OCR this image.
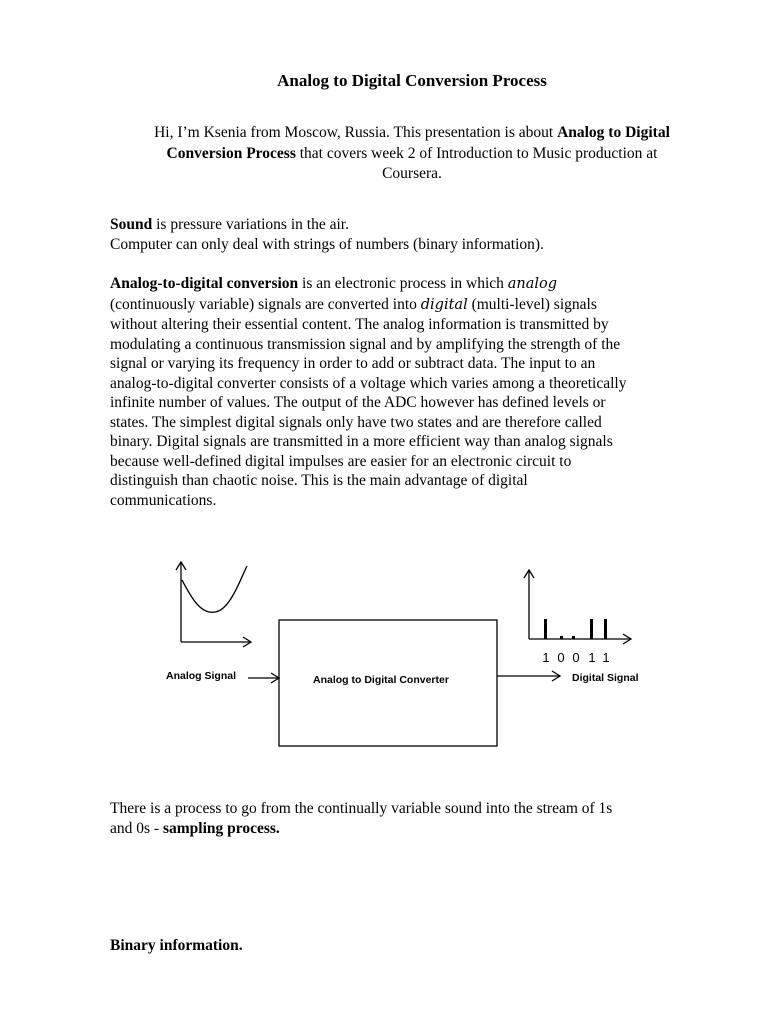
Analog to Digital Conversion Process
Hi, I’m Ksenia from Moscow, Russia. This presentation is about Analog to Digital
Conversion Process that covers week 2 of Introduction to Music production at
Coursera.
Sound is pressure variations in the air.
Computer can only deal with strings of numbers (binary information).
Analog-to-digital conversion is an electronic process in which analog
(continuously variable) signals are converted into digital (multi-level) signals
without altering their essential content. The analog information is transmitted by
modulating a continuous transmission signal and by amplifying the strength of the
signal or varying its frequency in order to add or subtract data. The input to an
analog-to-digital converter consists of a voltage which varies among a theoretically
infinite number of values. The output of the ADC however has defined levels or
states. The simplest digital signals only have two states and are therefore called
binary. Digital signals are transmitted in a more efficient way than analog signals
because well-defined digital impulses are easier for an electronic circuit to
distinguish than chaotic noise. This is the main advantage of digital
communications.
1 0 0 1 1
Analog Signal	Analog to Digital Converter	Digital Signal
There is a process to go from the continually variable sound into the stream of 1s
and 0s - sampling process.
Binary information.
